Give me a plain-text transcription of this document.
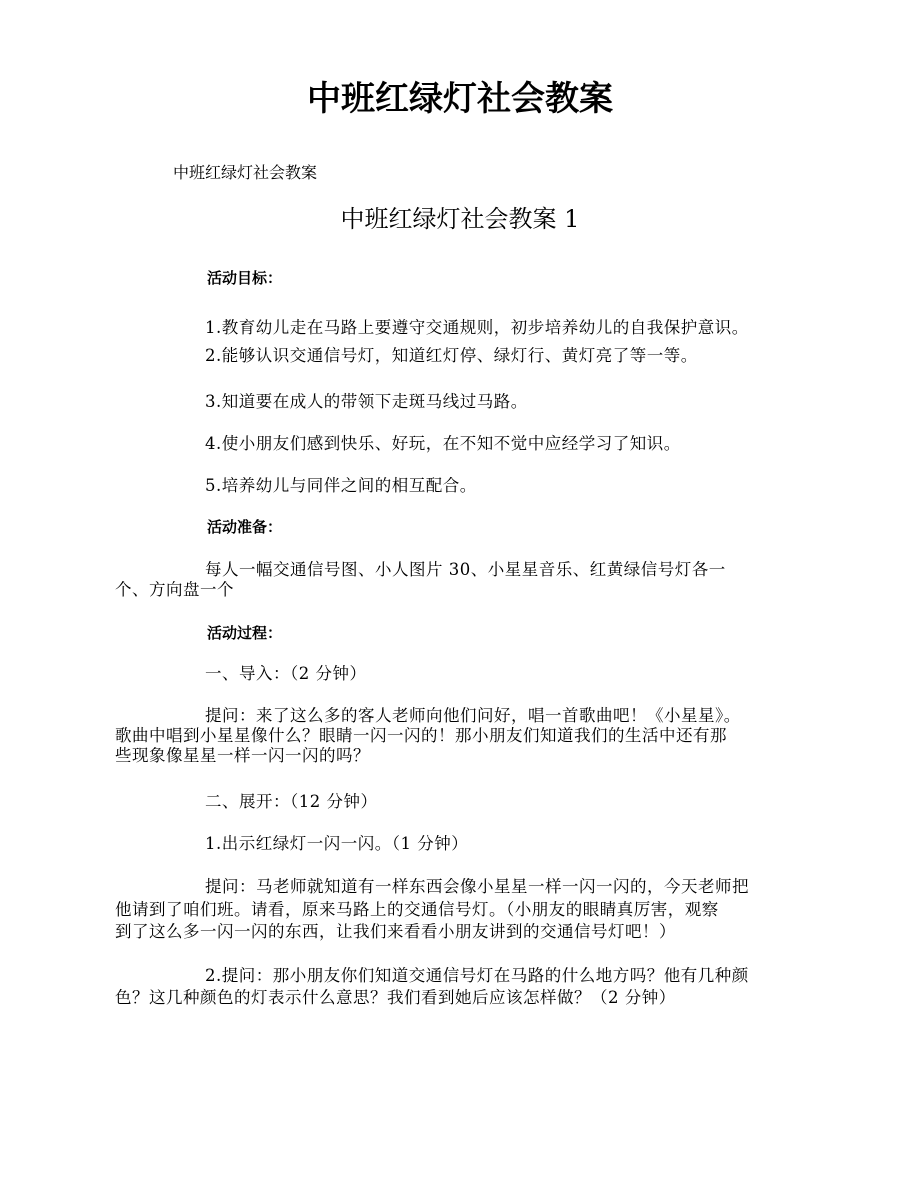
中班红绿灯社会教案
中班红绿灯社会教案
中班红绿灯社会教案 1
活动目标：
1.教育幼儿走在马路上要遵守交通规则，初步培养幼儿的自我保护意识。
2.能够认识交通信号灯，知道红灯停、绿灯行、黄灯亮了等一等。
3.知道要在成人的带领下走斑马线过马路。
4.使小朋友们感到快乐、好玩，在不知不觉中应经学习了知识。
5.培养幼儿与同伴之间的相互配合。
活动准备：
每人一幅交通信号图、小人图片 30、小星星音乐、红黄绿信号灯各一
个、方向盘一个
活动过程：
一、导入：（2 分钟）
提问：来了这么多的客人老师向他们问好，唱一首歌曲吧！《小星星》。
歌曲中唱到小星星像什么？眼睛一闪一闪的！那小朋友们知道我们的生活中还有那
些现象像星星一样一闪一闪的吗？
二、展开：（12 分钟）
1.出示红绿灯一闪一闪。（1 分钟）
提问：马老师就知道有一样东西会像小星星一样一闪一闪的，今天老师把
他请到了咱们班。请看，原来马路上的交通信号灯。（小朋友的眼睛真厉害，观察
到了这么多一闪一闪的东西，让我们来看看小朋友讲到的交通信号灯吧！）
2.提问：那小朋友你们知道交通信号灯在马路的什么地方吗？他有几种颜
色？这几种颜色的灯表示什么意思？我们看到她后应该怎样做？（2 分钟）
